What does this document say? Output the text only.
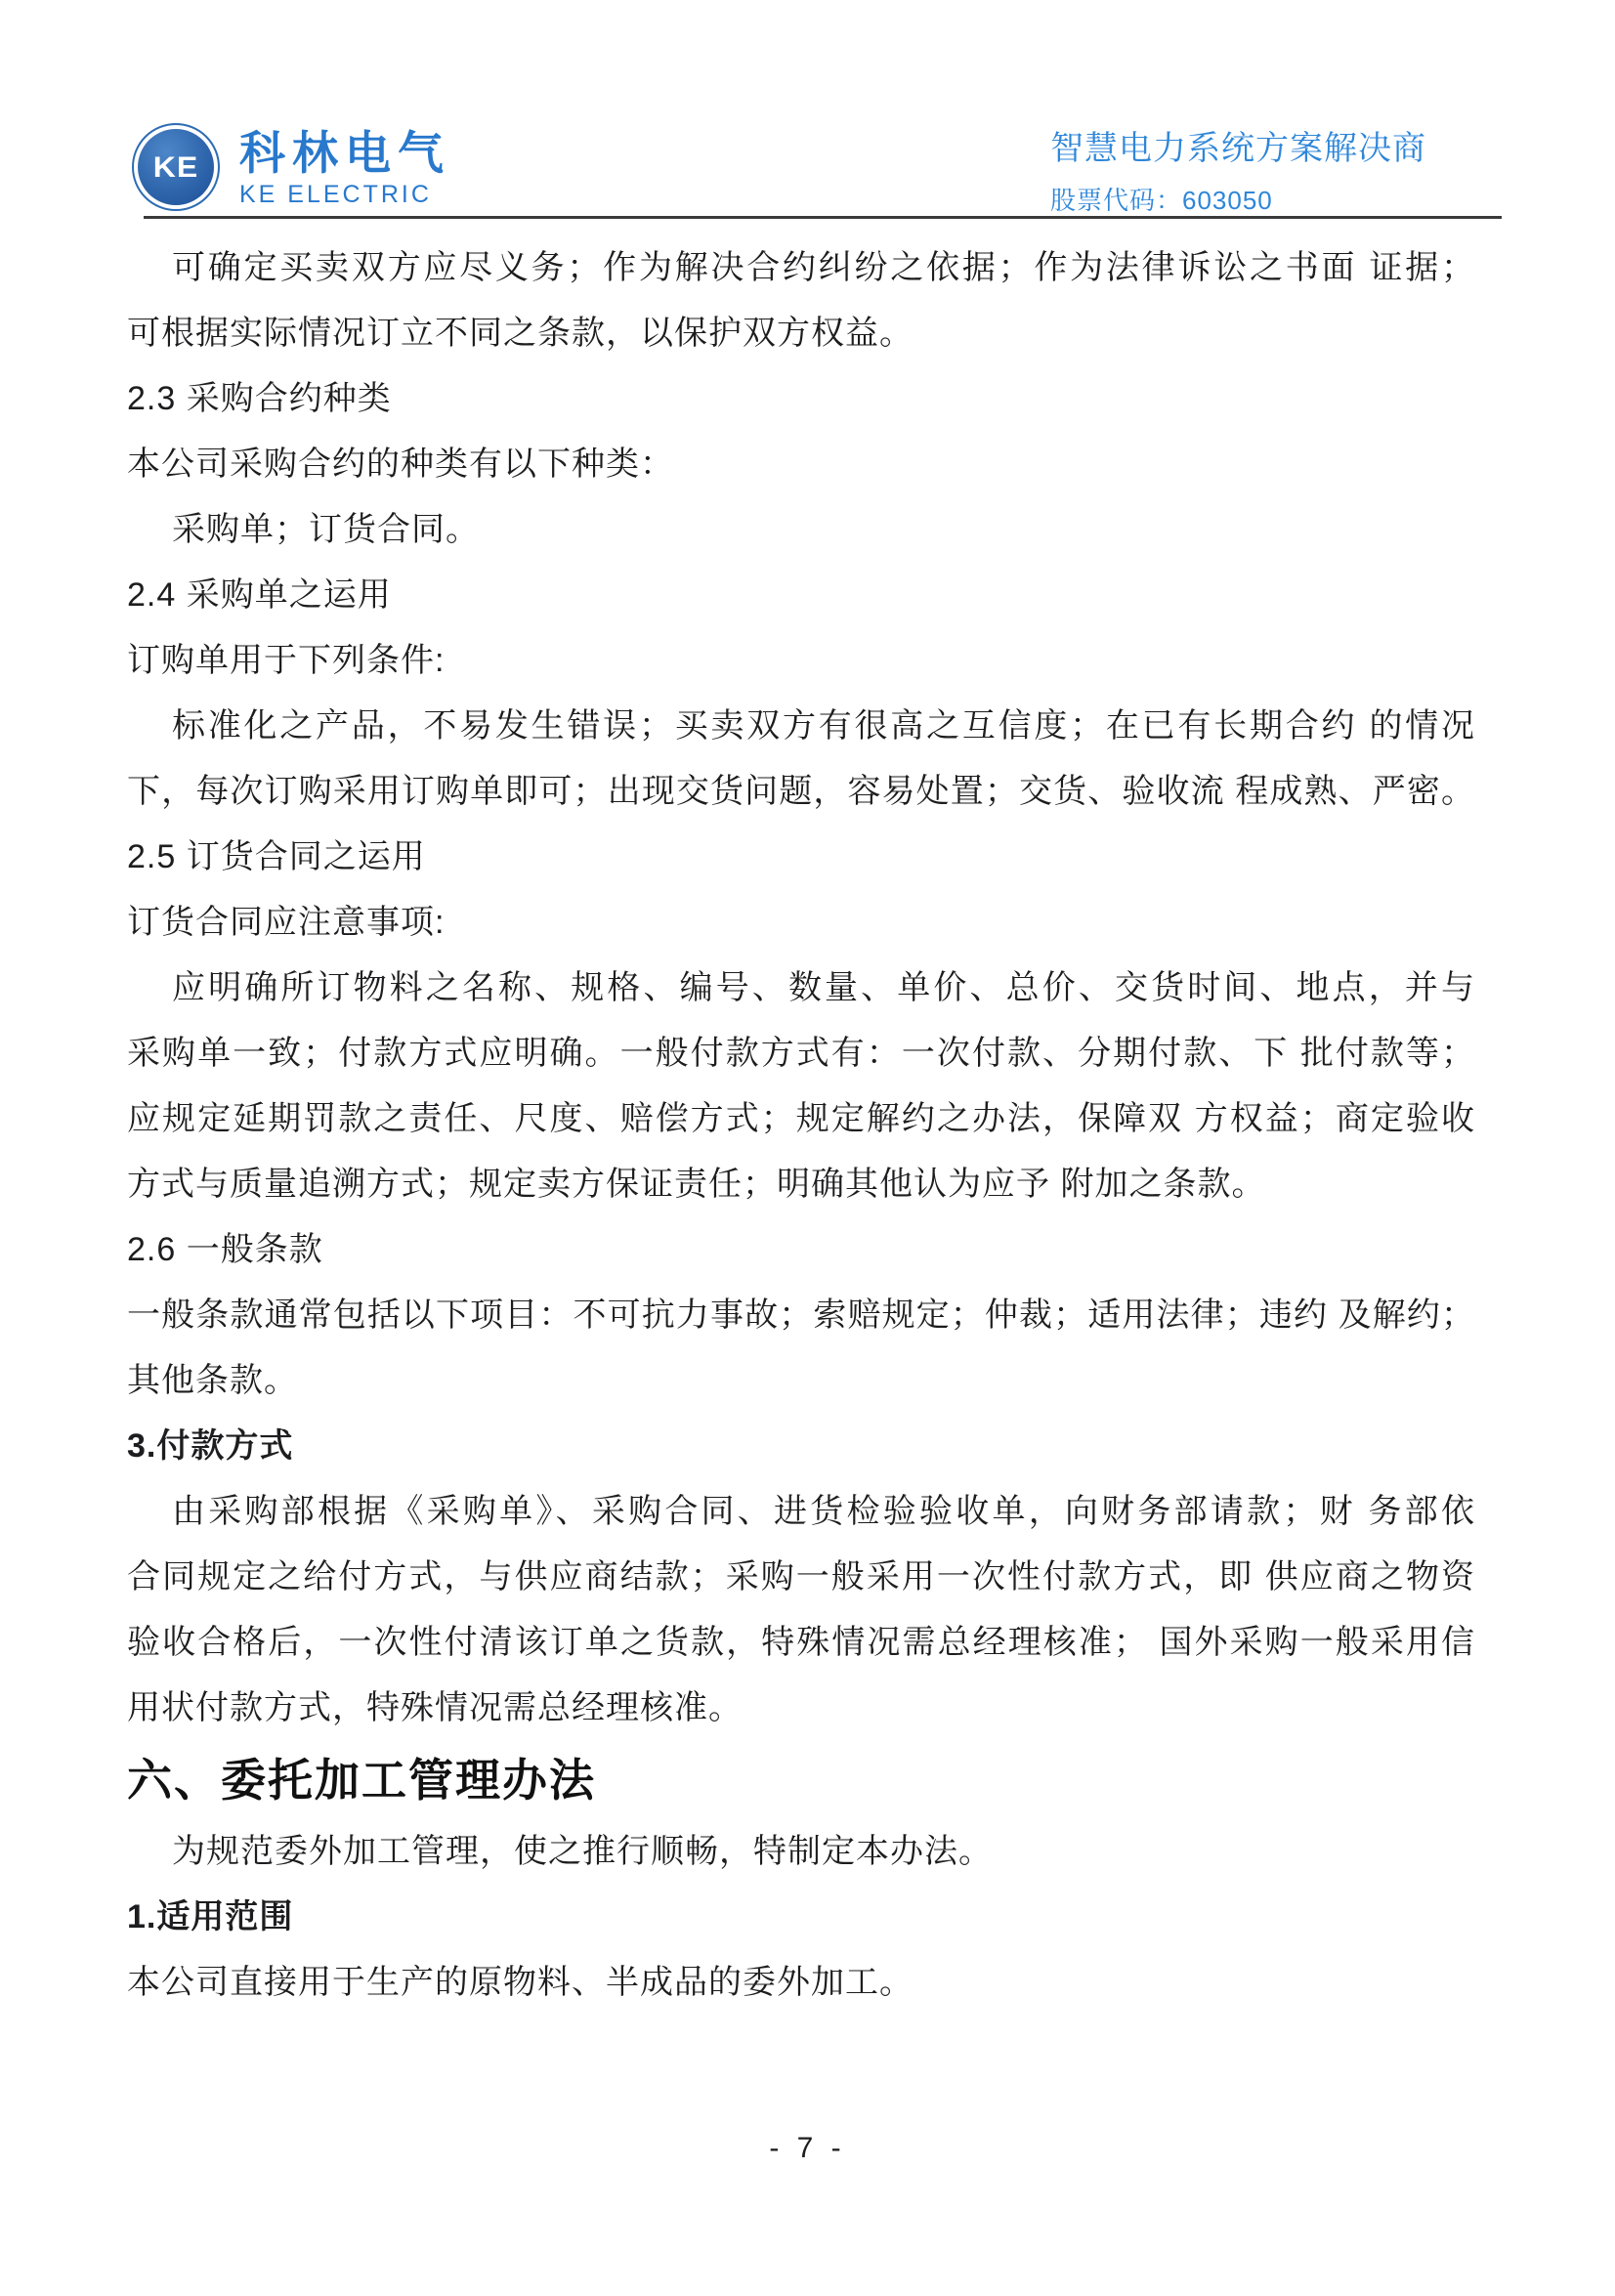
KE 科林电气
KE ELECTRIC
智慧电力系统方案解决商
股票代码：603050

可确定买卖双方应尽义务；作为解决合约纠纷之依据；作为法律诉讼之书面 证据；

可根据实际情况订立不同之条款，以保护双方权益。

2.3 采购合约种类

本公司采购合约的种类有以下种类：

采购单；订货合同。

2.4 采购单之运用

订购单用于下列条件:

标准化之产品，不易发生错误；买卖双方有很高之互信度；在已有长期合约 的情况

下，每次订购采用订购单即可；出现交货问题，容易处置；交货、验收流 程成熟、严密。

2.5 订货合同之运用

订货合同应注意事项:

应明确所订物料之名称、规格、编号、数量、单价、总价、交货时间、地点，并与

采购单一致；付款方式应明确。一般付款方式有：一次付款、分期付款、下 批付款等；

应规定延期罚款之责任、尺度、赔偿方式；规定解约之办法，保障双 方权益；商定验收

方式与质量追溯方式；规定卖方保证责任；明确其他认为应予 附加之条款。

2.6 一般条款

一般条款通常包括以下项目：不可抗力事故；索赔规定；仲裁；适用法律；违约 及解约；

其他条款。

3.付款方式

由采购部根据《采购单》、采购合同、进货检验验收单，向财务部请款；财 务部依

合同规定之给付方式，与供应商结款；采购一般采用一次性付款方式，即 供应商之物资

验收合格后，一次性付清该订单之货款，特殊情况需总经理核准； 国外采购一般采用信

用状付款方式，特殊情况需总经理核准。

六、委托加工管理办法

为规范委外加工管理，使之推行顺畅，特制定本办法。

1.适用范围

本公司直接用于生产的原物料、半成品的委外加工。

- 7 -
